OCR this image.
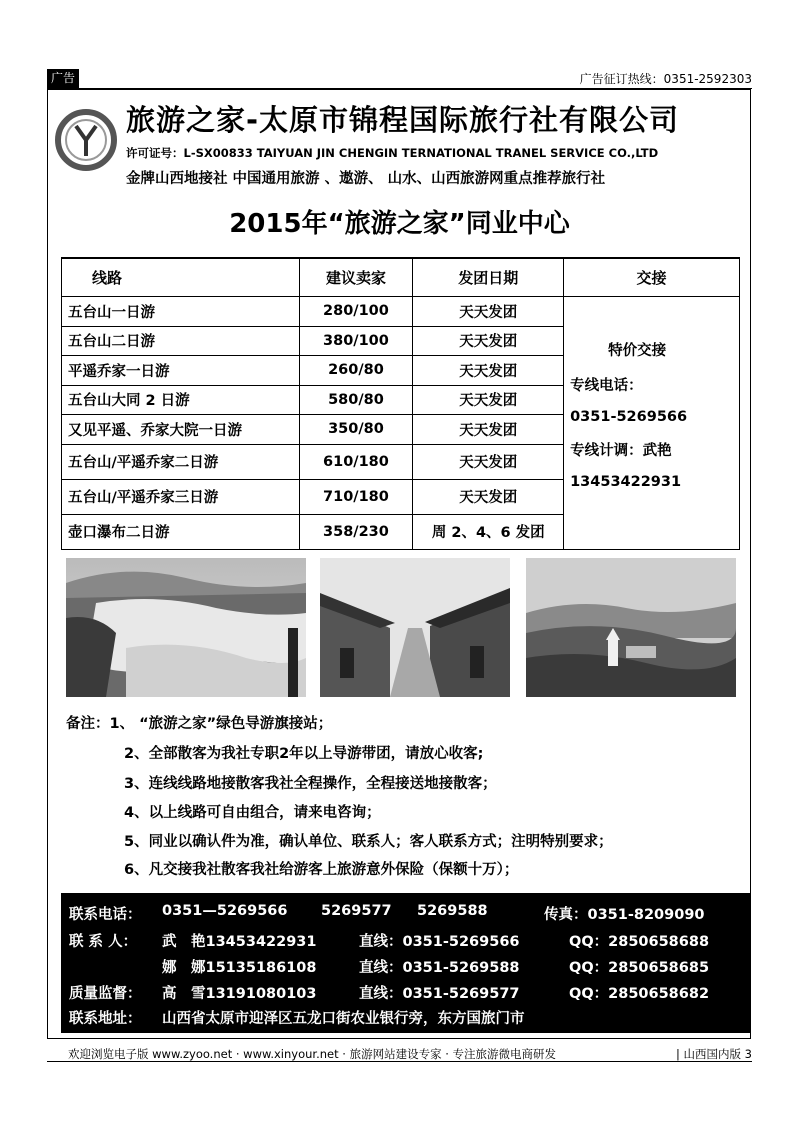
广告	广告征订热线：0351-2592303
旅游之家-太原市锦程国际旅行社有限公司
许可证号：L-SX00833 TAIYUAN JIN CHENGIN TERNATIONAL TRANEL SERVICE CO.,LTD
金牌山西地接社 中国通用旅游 、遨游、 山水、山西旅游网重点推荐旅行社
2015年“旅游之家”同业中心
线路	建议卖家	发团日期	交接
五台山一日游	280/100	天天发团	特价交接
专线电话：
0351-5269566
专线计调：武艳
13453422931

五台山二日游	380/100	天天发团	
平遥乔家一日游	260/80	天天发团	
五台山大同 2 日游	580/80	天天发团	
又见平遥、乔家大院一日游	350/80	天天发团	
五台山/平遥乔家二日游	610/180	天天发团	
五台山/平遥乔家三日游	710/180	天天发团	
壶口瀑布二日游	358/230	周 2、4、6 发团	
备注：1、 “旅游之家”绿色导游旗接站；
2、全部散客为我社专职2年以上导游带团，请放心收客;
3、连线线路地接散客我社全程操作，全程接送地接散客；
4、以上线路可自由组合，请来电咨询；
5、同业以确认件为准，确认单位、联系人；客人联系方式；注明特别要求；
6、凡交接我社散客我社给游客上旅游意外保险（保额十万）；
联系电话： 0351—5269566 5269577 5269588	传真：0351-8209090
联 系 人： 武　艳13453422931	直线：0351-5269566	QQ：2850658688
娜　娜15135186108	直线：0351-5269588	QQ：2850658685
质量监督： 高　雪13191080103	直线：0351-5269577	QQ：2850658682
联系地址： 山西省太原市迎泽区五龙口街农业银行旁，东方国旅门市
欢迎浏览电子版 www.zyoo.net · www.xinyour.net · 旅游网站建设专家 · 专注旅游微电商研发	| 山西国内版 3
